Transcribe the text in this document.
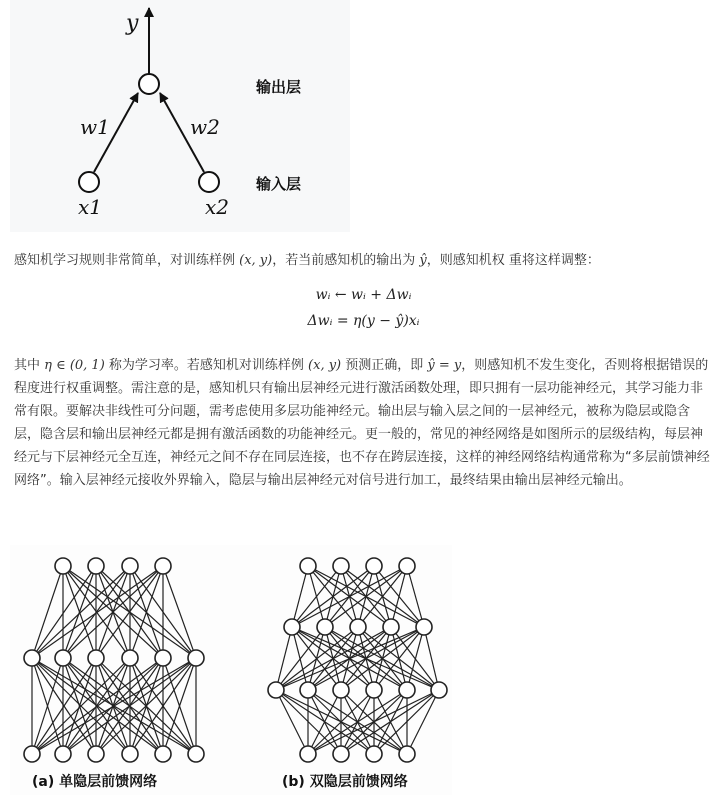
y
w1	w2
x1	x2
输出层
输入层

感知机学习规则非常简单，对训练样例 (x, y)，若当前感知机的输出为 ŷ，则感知机权 重将这样调整：

wᵢ ← wᵢ + Δwᵢ
Δwᵢ = η(y − ŷ)xᵢ

其中 η ∈ (0, 1) 称为学习率。若感知机对训练样例 (x, y) 预测正确，即 ŷ = y，则感知机不发生变化，否则将根据错误的程度进行权重调整。需注意的是，感知机只有输出层神经元进行激活函数处理，即只拥有一层功能神经元，其学习能力非常有限。要解决非线性可分问题，需考虑使用多层功能神经元。输出层与输入层之间的一层神经元，被称为隐层或隐含层，隐含层和输出层神经元都是拥有激活函数的功能神经元。更一般的，常见的神经网络是如图所示的层级结构，每层神经元与下层神经元全互连，神经元之间不存在同层连接，也不存在跨层连接，这样的神经网络结构通常称为“多层前馈神经网络”。输入层神经元接收外界输入，隐层与输出层神经元对信号进行加工，最终结果由输出层神经元输出。

(a) 单隐层前馈网络	(b) 双隐层前馈网络
